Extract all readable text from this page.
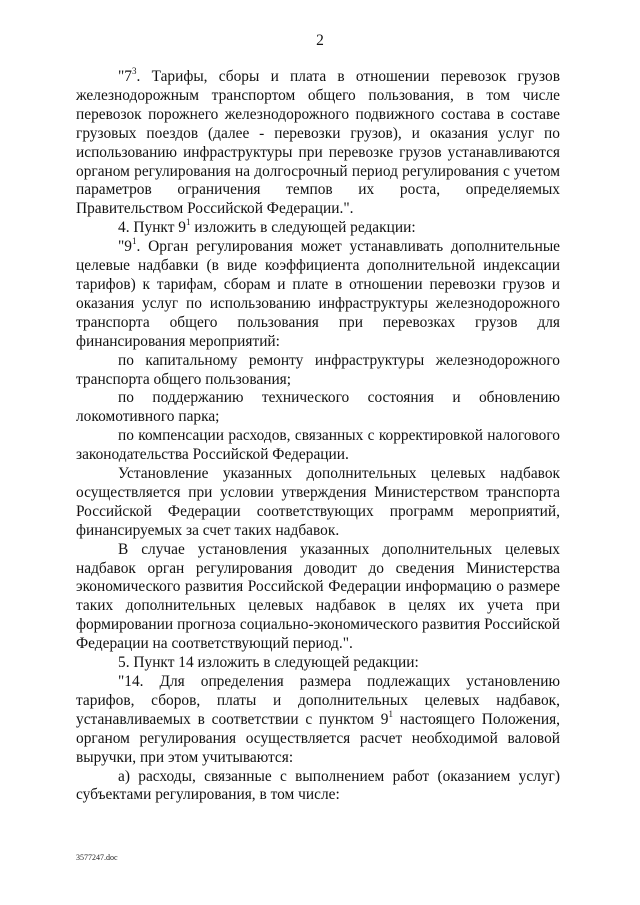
2

"$7^3$. Тарифы, сборы и плата в отношении перевозок грузов железнодорожным транспортом общего пользования, в том числе перевозок порожнего железнодорожного подвижного состава в составе грузовых поездов (далее - перевозки грузов), и оказания услуг по использованию инфраструктуры при перевозке грузов устанавливаются органом регулирования на долгосрочный период регулирования с учетом параметров ограничения темпов их роста, определяемых Правительством Российской Федерации.".

4. Пункт $9^1$ изложить в следующей редакции:

"$9^1$. Орган регулирования может устанавливать дополнительные целевые надбавки (в виде коэффициента дополнительной индексации тарифов) к тарифам, сборам и плате в отношении перевозки грузов и оказания услуг по использованию инфраструктуры железнодорожного транспорта общего пользования при перевозках грузов для финансирования мероприятий:

по капитальному ремонту инфраструктуры железнодорожного транспорта общего пользования;

по поддержанию технического состояния и обновлению локомотивного парка;

по компенсации расходов, связанных с корректировкой налогового законодательства Российской Федерации.

Установление указанных дополнительных целевых надбавок осуществляется при условии утверждения Министерством транспорта Российской Федерации соответствующих программ мероприятий, финансируемых за счет таких надбавок.

В случае установления указанных дополнительных целевых надбавок орган регулирования доводит до сведения Министерства экономического развития Российской Федерации информацию о размере таких дополнительных целевых надбавок в целях их учета при формировании прогноза социально-экономического развития Российской Федерации на соответствующий период.".

5. Пункт 14 изложить в следующей редакции:

"14. Для определения размера подлежащих установлению тарифов, сборов, платы и дополнительных целевых надбавок, устанавливаемых в соответствии с пунктом $9^1$ настоящего Положения, органом регулирования осуществляется расчет необходимой валовой выручки, при этом учитываются:

а) расходы, связанные с выполнением работ (оказанием услуг) субъектами регулирования, в том числе:

3577247.doc
